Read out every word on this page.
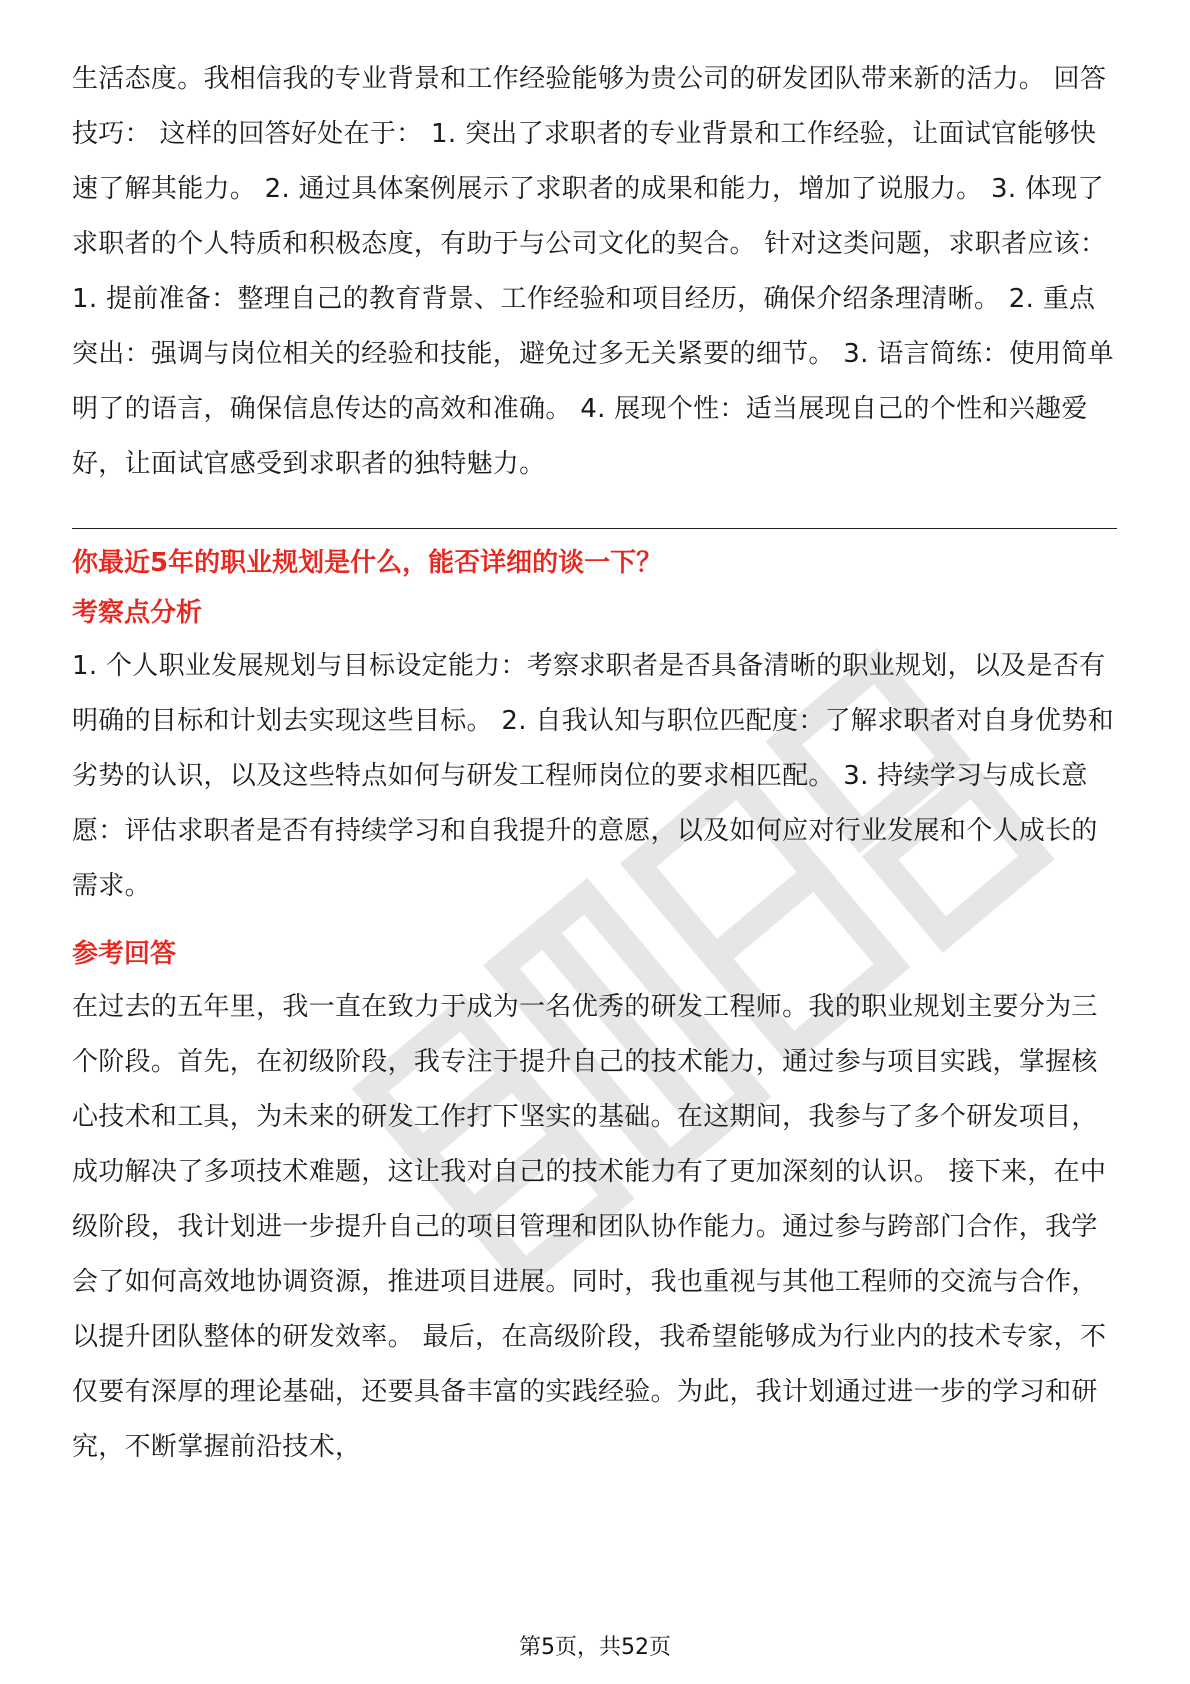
生活态度。我相信我的专业背景和工作经验能够为贵公司的研发团队带来新的活力。 回答技巧： 这样的回答好处在于： 1. 突出了求职者的专业背景和工作经验，让面试官能够快速了解其能力。 2. 通过具体案例展示了求职者的成果和能力，增加了说服力。 3. 体现了求职者的个人特质和积极态度，有助于与公司文化的契合。 针对这类问题，求职者应该： 1. 提前准备：整理自己的教育背景、工作经验和项目经历，确保介绍条理清晰。 2. 重点突出：强调与岗位相关的经验和技能，避免过多无关紧要的细节。 3. 语言简练：使用简单明了的语言，确保信息传达的高效和准确。 4. 展现个性：适当展现自己的个性和兴趣爱好，让面试官感受到求职者的独特魅力。

你最近5年的职业规划是什么，能否详细的谈一下？

考察点分析

1. 个人职业发展规划与目标设定能力：考察求职者是否具备清晰的职业规划，以及是否有明确的目标和计划去实现这些目标。 2. 自我认知与职位匹配度：了解求职者对自身优势和劣势的认识，以及这些特点如何与研发工程师岗位的要求相匹配。 3. 持续学习与成长意愿：评估求职者是否有持续学习和自我提升的意愿，以及如何应对行业发展和个人成长的需求。

参考回答

在过去的五年里，我一直在致力于成为一名优秀的研发工程师。我的职业规划主要分为三个阶段。首先，在初级阶段，我专注于提升自己的技术能力，通过参与项目实践，掌握核心技术和工具，为未来的研发工作打下坚实的基础。在这期间，我参与了多个研发项目，成功解决了多项技术难题，这让我对自己的技术能力有了更加深刻的认识。 接下来，在中级阶段，我计划进一步提升自己的项目管理和团队协作能力。通过参与跨部门合作，我学会了如何高效地协调资源，推进项目进展。同时，我也重视与其他工程师的交流与合作，以提升团队整体的研发效率。 最后，在高级阶段，我希望能够成为行业内的技术专家，不仅要有深厚的理论基础，还要具备丰富的实践经验。为此，我计划通过进一步的学习和研究，不断掌握前沿技术，

第5页，共52页
